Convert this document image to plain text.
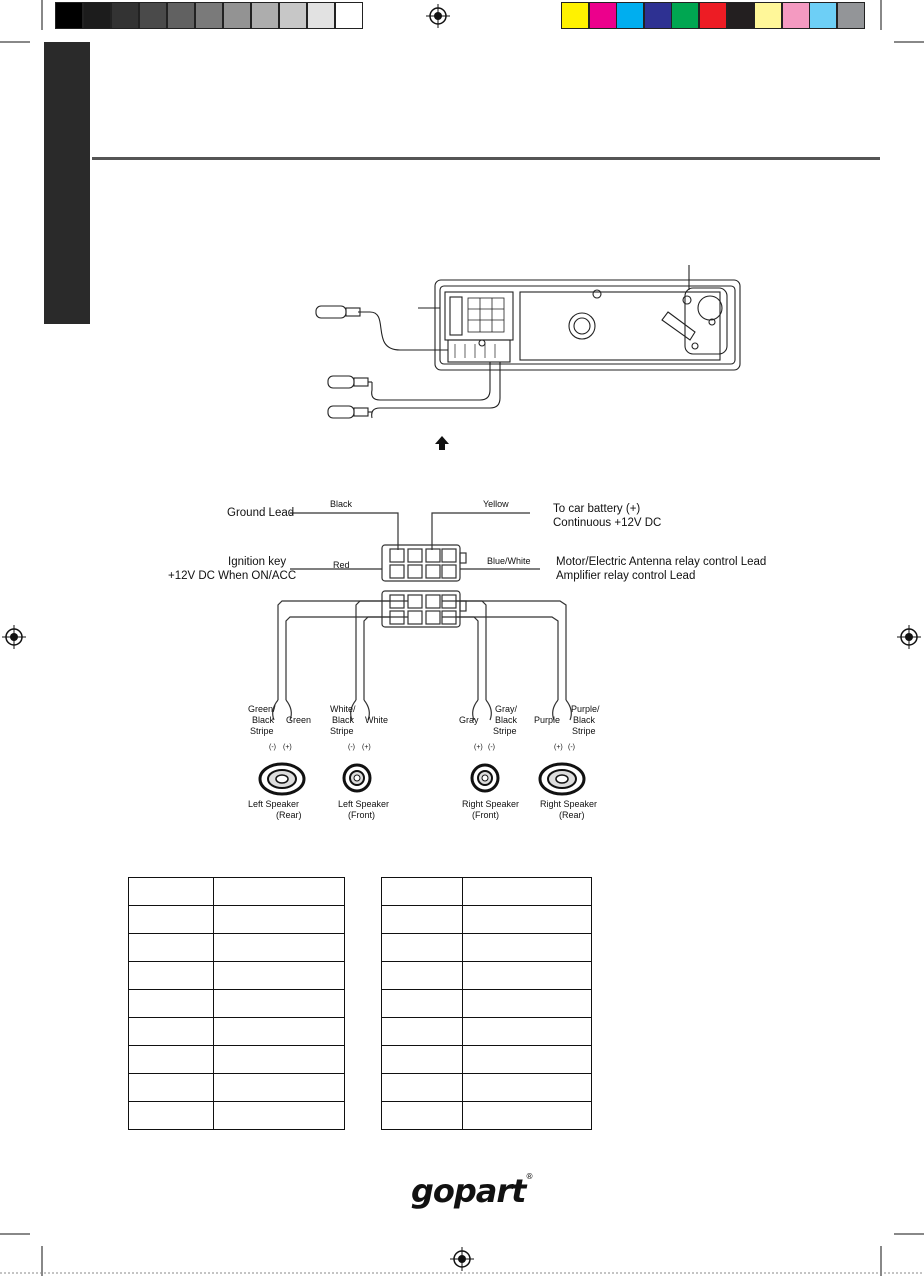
Ground Lead
Black	Yellow	To car battery (+)
Continuous +12V DC
Ignition key
+12V DC When ON/ACC
Red	Blue/White Motor/Electric Antenna relay control Lead
Amplifier relay control Lead
Green/
Black
Stripe
Green
White/
Black
Stripe
White	Gray
Gray/
Black
Stripe
Purple
Purple/
Black
Stripe
(-) (+)	(-) (+)	(+) (-)	(+) (-)
Left Speaker
(Rear)
Left Speaker
(Front)
Right Speaker
(Front)
Right Speaker
(Rear)

gopart®
